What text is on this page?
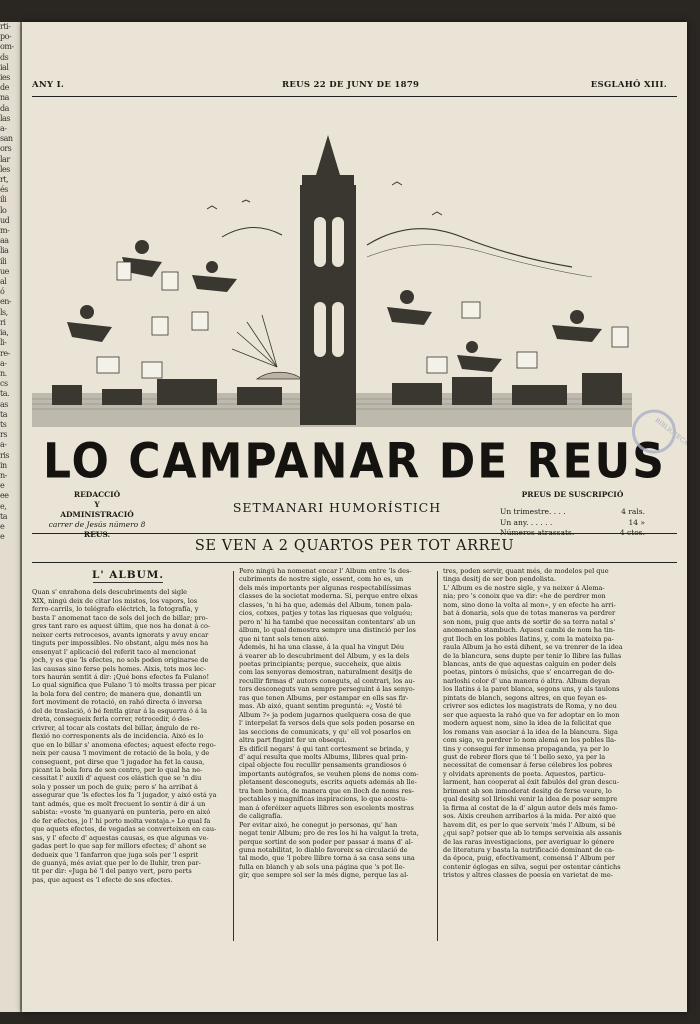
rti-
po-
om-
ds
ial
ies
de
na
da
las
a-
san
ors
lar
les
rt,
és
ili
lo
ud
m-
aa
lia
ili
ue
al
ó
en-
ls,
ri
ia,
li-
re-
a-
n.
cs
ta.
as
ta
ts
rs
a-
ris
in
n-
e
ee
e,
ta
e
e
ANY I.	REUS 22 DE JUNY DE 1879	ESGLAHÓ XIII.
LO CAMPANAR DE REUS
REDACCIÓ
Y
ADMINISTRACIÓ
carrer de Jesús número 8
REUS.
SETMANARI HUMORÍSTICH
PREUS DE SUSCRIPCIÓ
Un trimestre. . . .	4 rals.
Un any. . . . . .	14 »
Números atrassats.	4 ctos.
BIBLIOTECA
SE VEN A 2 QUARTOS PER TOT ARREU
L' ALBUM.
Quan s' enrahona dels descubriments del sigle
XIX, ningú deix de citar los mistos, los vapors, los
ferro-carrils, lo telégrafo eléctrich, la fotografía, y
basta l' anomenat taco de sols del joch de billar; pro-
gres tant raro es aquest últim, que nos ha donat á co-
neixer certs retrocesos, avants ignorats y avuy encar
tinguts per impossibles. No obstant, algu més nos ha
ensenyat l' aplicació del referit taco al mencionat
joch, y es que 'ls efectes, no sols poden originarse de
las causas sino ferse pels homes. Aixis, tots mos lec-
tors haurán sentit á dir: ¡Qué bons efectes fa Fulano!
Lo qual significa que Fulano 'l tó molts trassa per picar
la bola fora del centro; de manera que, donantli un
fort moviment de rotació, en rahó directa ó inversa
del de traslació, ó bé fentla girar á la esquerra ó á la
dreta, consegueix ferla correr, retrocedir, ó des-
crivrer, al tocar als costats del billar, ángulo de re-
flexió no corresponents als de incidencia. Aixó es lo
que en lo billar s' anomena efectes; aquest efecte rego-
neix per causa 'l moviment de rotació de la bola, y de
conseguent, pot dirse que 'l jugador ha fet la causa,
picant la bola fora de son centro, per lo qual ha ne-
cessitat l' auxili d' aquest cos elástich que se 'n diu
sola y posser un poch de guix; pero s' ha arribat á
assegurar que 'ls efectes los fa 'l jugador, y aixó está ya
tant admés, que es molt frecuent lo sentir á dir á un
sabista: «voste 'm guanyará en punteria, pero en aixó
de fer efectes, jo l' hi porto molta ventaja.» Lo qual fa
que aquets efectes, de vegadas se converteixen en cau-
sas, y l' efecte d' aquestas causas, es que algunas ve-
gadas pert lo que sap fer millors efectes; d' ahont se
dedueix que 'l fanfarron que juga sols per 'l esprit
de guanyá, més aviat que per lo de lluhir, tren par-
tit per dir: «Juga bé 'l del panyo vert, pero perts
pas, que aquest es 'l efecte de sos efectes.
Pero ningú ha nomenat encar l' Album entre 'ls des-
cubriments de nostre sigle, essent, com ho es, un
dels més importants per algunas respectabilíssimas
classes de la societat moderna. Si, perque entre elxas
classes, 'n hi ha que, además del Album, tenen pala-
cios, cotxes, patjes y totas las riquesas que volguéu;
pero n' hi ha també que necessitan contentars' ab un
álbum, lo qual demostra sempre una distinció per los
que ni tant sols tenen aixó.
Ademés, hi ha una classe, á la qual ha vingut Déu
á vearer ab lo descubriment del Album, y es la dels
poetas principiants; perque, succeheix, que aixis
com las senyoras demostran, naturalment desitjs de
recullir firmas d' autors coneguts, al contrari, los au-
tors desconeguts van sempre perseguint á las senyo-
ras que tenen Albums, per estampar en ells sas fir-
mas. Ab aixó, quant sentim preguntá: «¿ Vosté té
Album ?» ja podem jugarnos quelquera cosa de que
l' interpelat fa versos dels que sols poden posarse en
las seccions de comunicats, y qu' ell vol posarlos en
altra part fingint fer un obsequi.
Es difícil negars' á qui tant cortesment se brinda, y
d' aquí resulta que molts Albums, llibres qual prin-
cipal objecte fou recullir pensaments grandiosos ó
importants autógrafos, se veuhen plens de noms com-
pletament desconeguts, escrits aquets además ab lle-
tra hen bonica, de manera que en lloch de noms res-
pectables y magníficas inspiracions, lo que acostu-
man á oferéixer aquets llibres son escelents mostras
de caligrafía.
Per evitar aixó, he conegut jo personas, qu' han
negat tenir Album; pro de res los hi ha valgut la treta,
perque sortint de son poder per passar á mans d' al-
guna notabilitat, lo diablo favoreix sa circulació de
tal modo, que 'l pobre llibre torna á sa casa sens una
fulla en blanch y ab sols una página que 's pot lle-
gir, que sempre sol ser la més digne, perque las al-
tres, poden servir, quant més, de modelos pel que
tinga desitj de ser bon pendolista.
L' Album es de nostre sigle, y va neixer á Alema-
nia; pro 's conoix que va dir: «he de perdrer mon
nom, sino dono la volta al mon», y en efecte ha arri-
bat á donaria, sols que de totas maneras va perdrer
son nom, puig que ants de sortir de sa terra natal s'
anomenaba stambuch. Aquest cambi de nom ha tin-
gut lloch en los pobles llatins, y, com la mateixa pa-
raula Album ja ho está dihent, se va trenrer de la idea
de la blancura, sens dupte per tenir lo llibre las fullas
blancas, ants de que aquestas calguin en poder dels
poetas, pintors ó músichs, que s' encarregan de do-
narloshi color d' una manera ó altra. Album deyan
los llatins á la paret blanca, segons uns, y als taulons
pintats de blanch, segons altres, en que feyan es-
crivrer sos edictes los magistrats de Roma, y no deu
ser que aquesta la rahó que va fer adoptar en lo mon
modern aquest nom, sino la idea de la felicitat que
los romans van asociar á la idea de la blancura. Siga
com siga, va perdrer lo nom alemá en los pobles lla-
tins y consegui fer inmensa propaganda, ya per lo
gust de rebrer flors que té 'l bello sexo, ya per la
necessitat de comensar á ferse célebres los pobres
y olvidats aprenents de poeta. Aquestos, particu-
larment, han cooperat al éxit fabulós del gran descu-
briment ab son inmoderat desitg de ferse veure, lo
qual desitg sol llrioshi venir la idea de posar sempre
la firma al costat de la d' algun autor dels més famo-
sos. Aixis creuhen arribarlos á la mida. Per aixó que
havem dit, es per lo que serveix 'més l' Album, si bé
¿qui sap? potser que ab lo temps serveixia als assanis
de las raras investigacions, per averiguar lo génere
de literatura y basta la nutrificació dominant de ca-
da época, puig, efectivament, comensá l' Album per
contenir églogas en silva, segui per ostentar cántichs
tristos y altres classes de poesía en varietat de me-
